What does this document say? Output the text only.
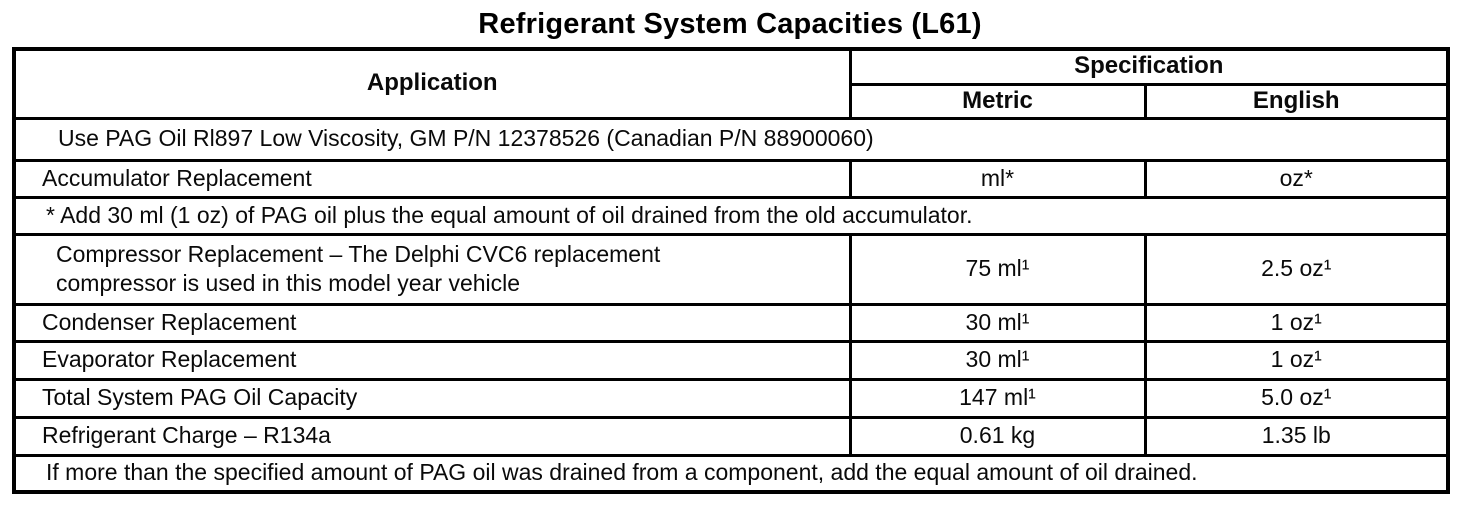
Refrigerant System Capacities (L61)
Application	Specification	
	Metric	English
Use PAG Oil Rl897 Low Viscosity, GM P/N 12378526 (Canadian P/N 88900060)		
Accumulator Replacement	ml*	oz*
* Add 30 ml (1 oz) of PAG oil plus the equal amount of oil drained from the old accumulator.		
Compressor Replacement – The Delphi CVC6 replacement compressor is used in this model year vehicle	75 ml¹	2.5 oz¹
Condenser Replacement	30 ml¹	1 oz¹
Evaporator Replacement	30 ml¹	1 oz¹
Total System PAG Oil Capacity	147 ml¹	5.0 oz¹
Refrigerant Charge – R134a	0.61 kg	1.35 lb
If more than the specified amount of PAG oil was drained from a component, add the equal amount of oil drained.		
